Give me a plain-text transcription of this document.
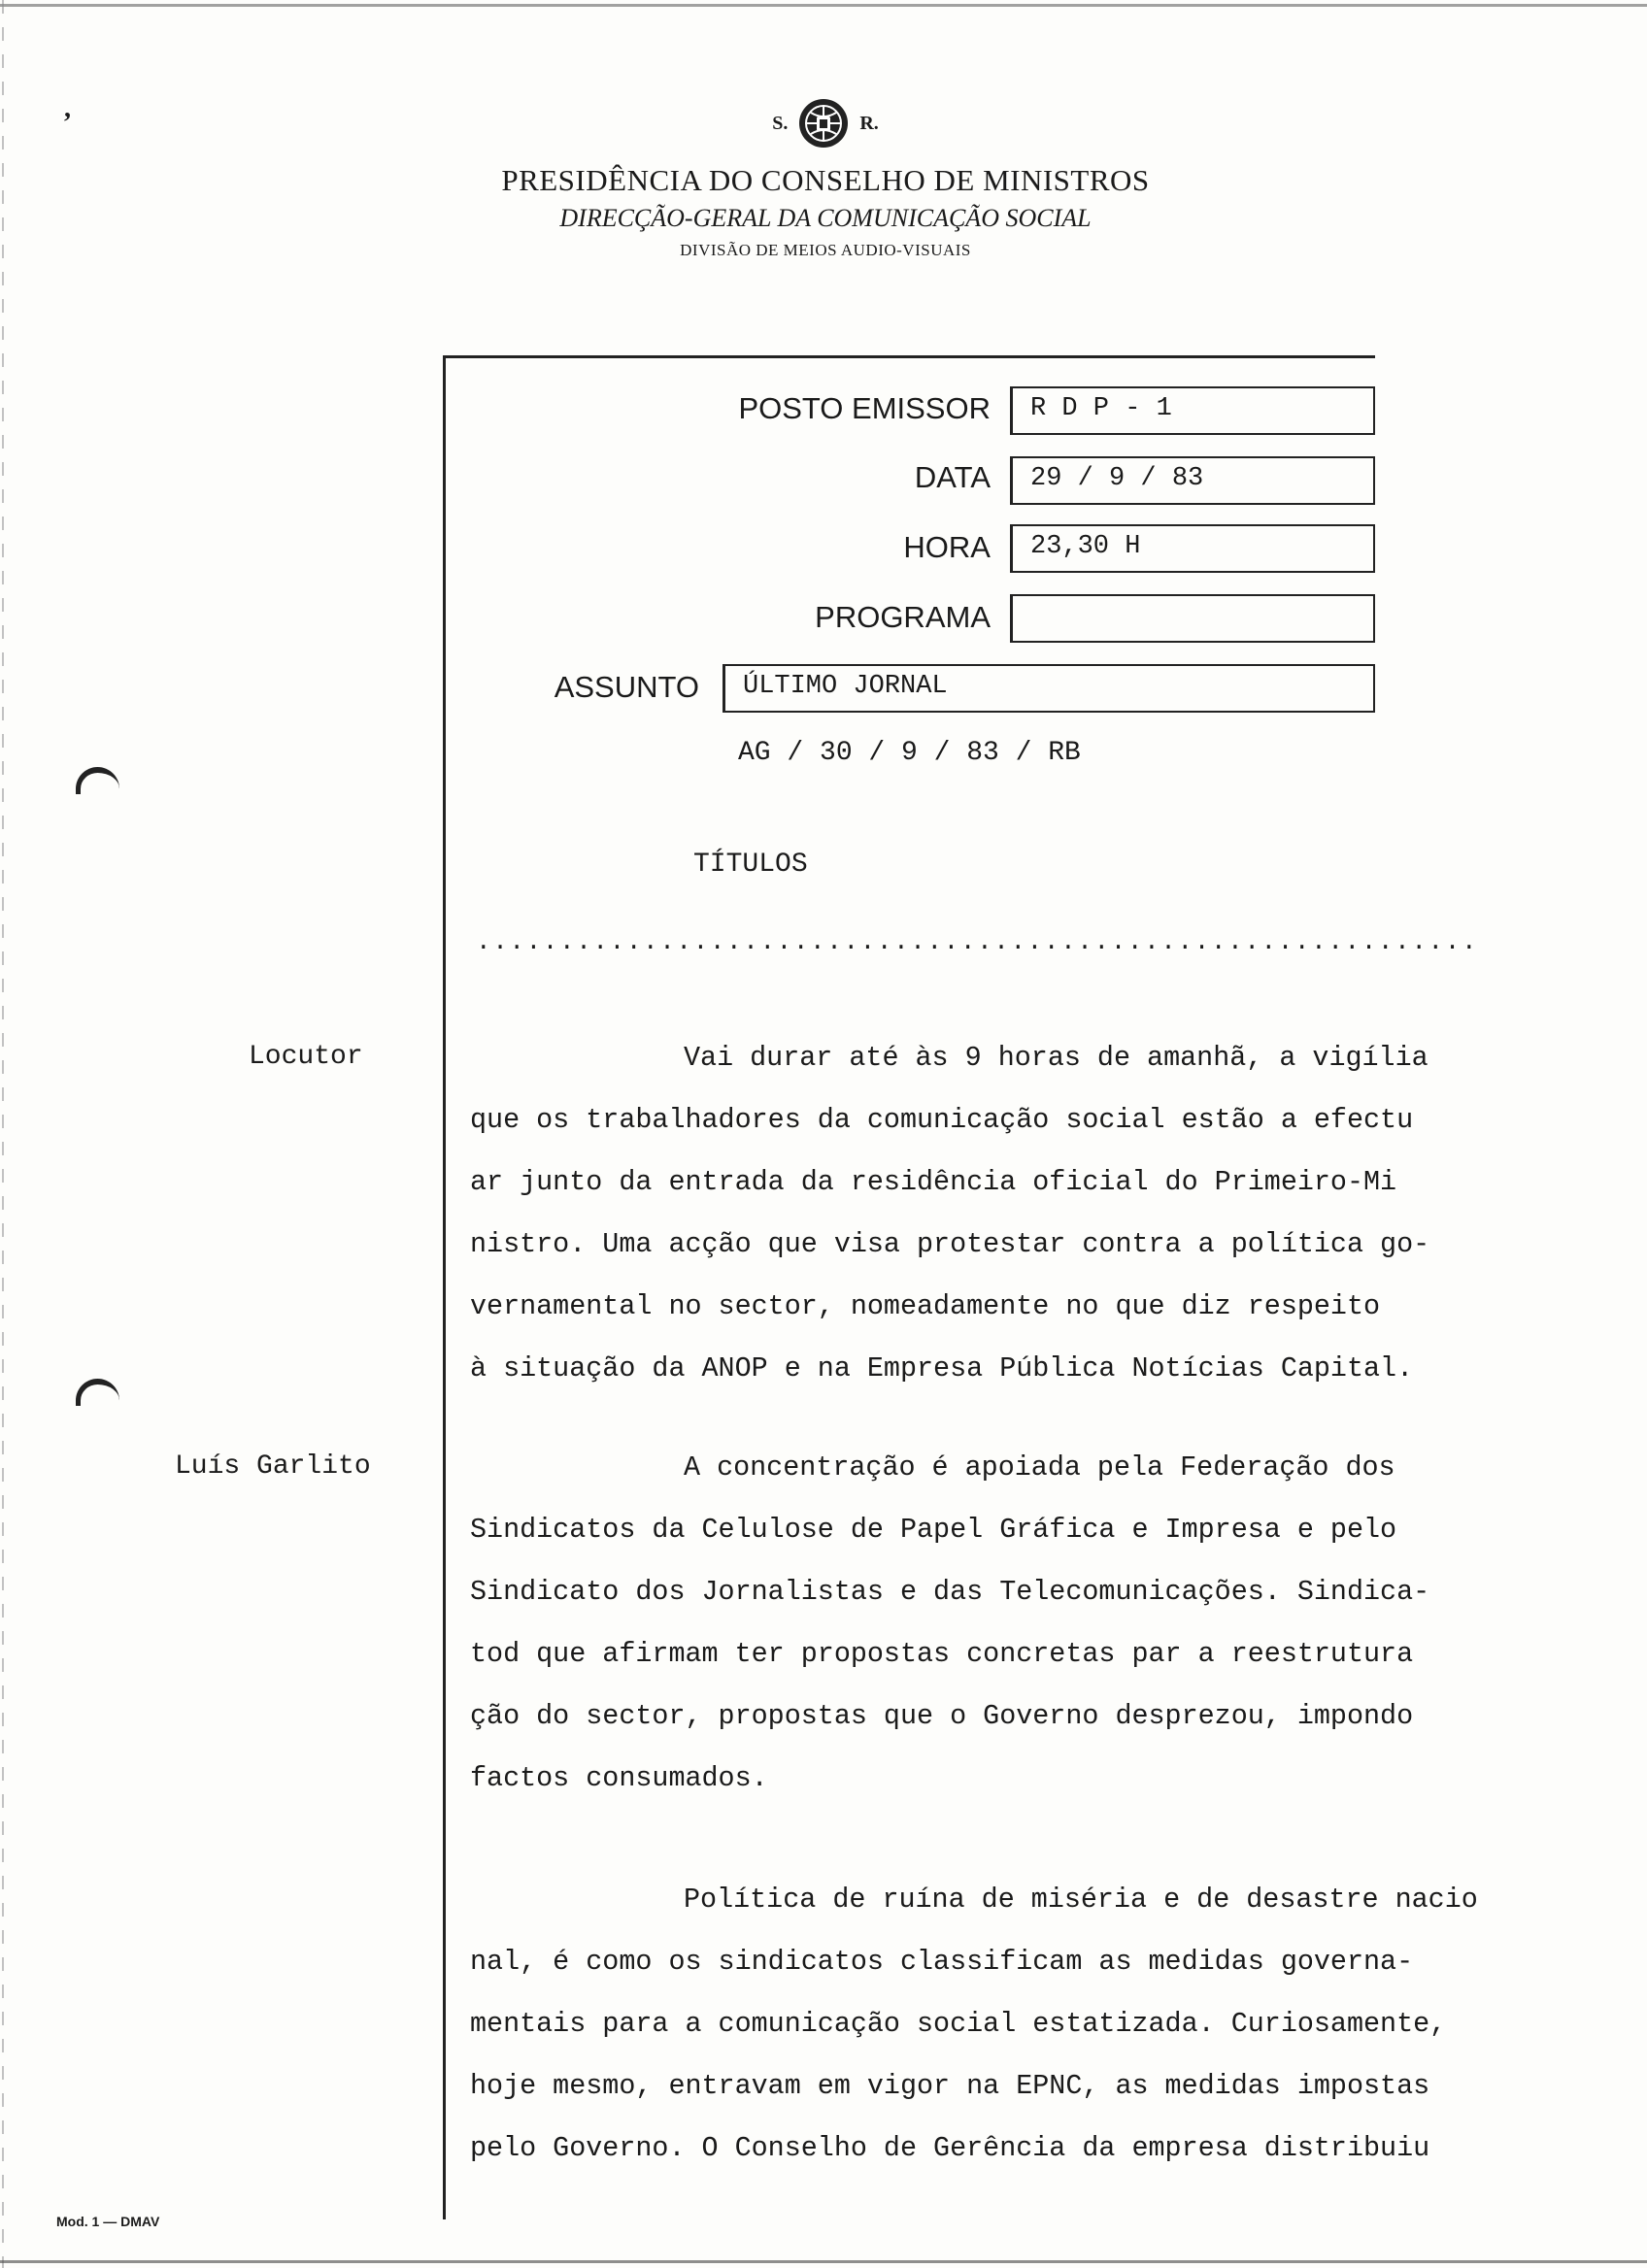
,	S.	R.
PRESIDÊNCIA DO CONSELHO DE MINISTROS
DIRECÇÃO-GERAL DA COMUNICAÇÃO SOCIAL
DIVISÃO DE MEIOS AUDIO-VISUAIS
POSTO EMISSOR	R D P - 1
DATA	29 / 9 / 83
HORA	23,30 H
PROGRAMA
ASSUNTO	ÚLTIMO JORNAL
AG / 30 / 9 / 83 / RB
TÍTULOS
............................................................
Locutor	Vai durar até às 9 horas de amanhã, a vigília
que os trabalhadores da comunicação social estão a efectu
ar junto da entrada da residência oficial do Primeiro-Mi
nistro. Uma acção que visa protestar contra a política go-
vernamental no sector, nomeadamente no que diz respeito
à situação da ANOP e na Empresa Pública Notícias Capital.
Luís Garlito	A concentração é apoiada pela Federação dos
Sindicatos da Celulose de Papel Gráfica e Impresa e pelo
Sindicato dos Jornalistas e das Telecomunicações. Sindica-
tod que afirmam ter propostas concretas par a reestrutura
ção do sector, propostas que o Governo desprezou, impondo
factos consumados.
Política de ruína de miséria e de desastre nacio
nal, é como os sindicatos classificam as medidas governa-
mentais para a comunicação social estatizada. Curiosamente,
hoje mesmo, entravam em vigor na EPNC, as medidas impostas
pelo Governo. O Conselho de Gerência da empresa distribuiu
Mod. 1 — DMAV
